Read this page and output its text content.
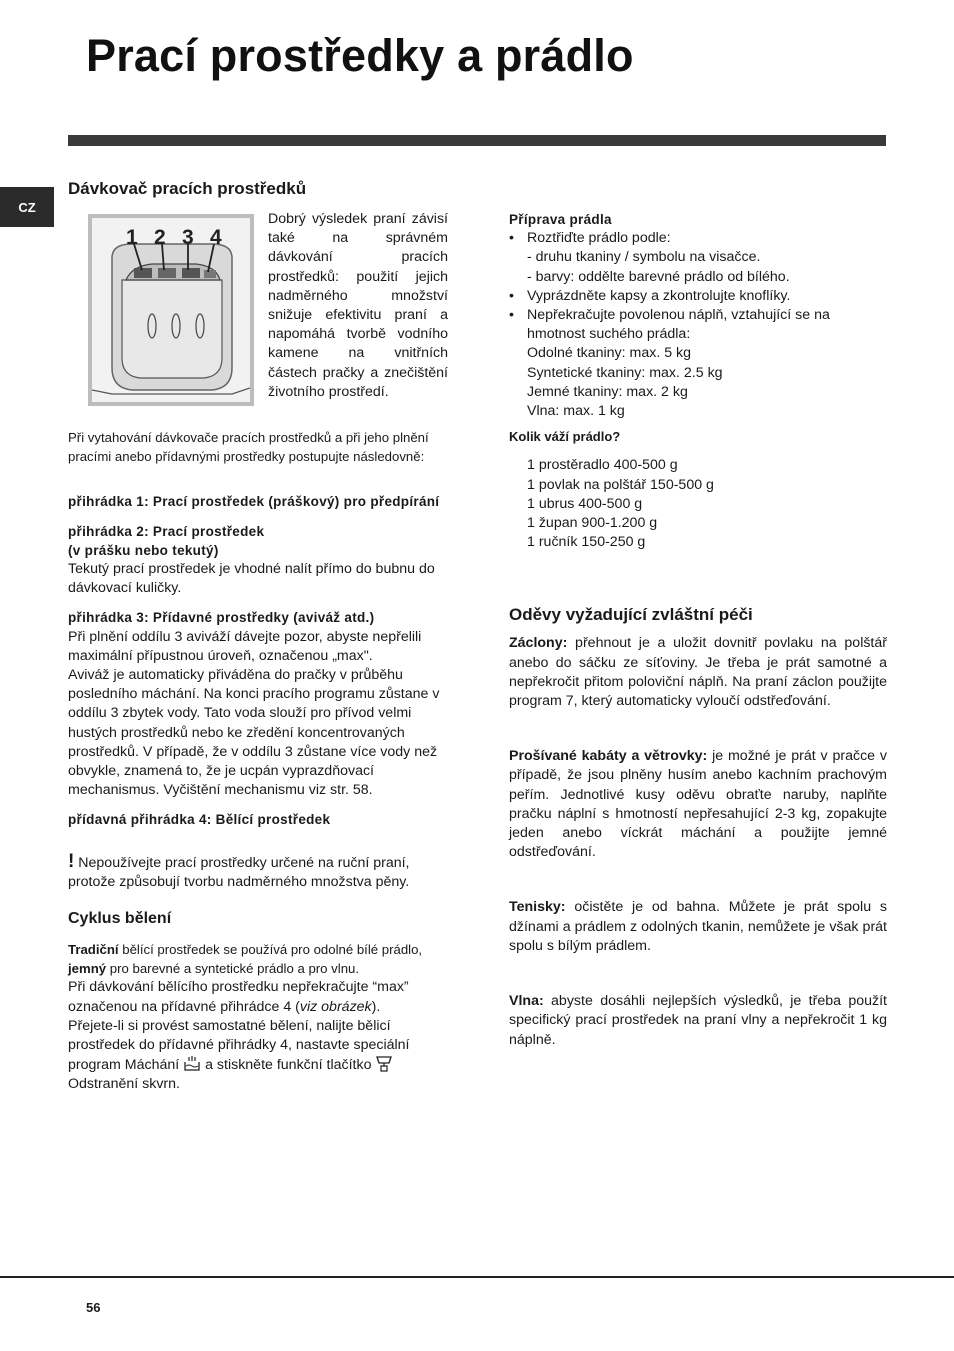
Prací prostředky a prádlo
CZ
Dávkovač pracích prostředků
1 2 3 4

Dobrý výsledek praní závisí také na správném dávkování pracích prostředků: použití jejich nadměrného množství snižuje efektivitu praní a napomáhá tvorbě vodního kamene na vnitřních částech pračky a znečištění životního prostředí.

Při vytahování dávkovače pracích prostředků a při jeho plnění pracími anebo přídavnými prostředky postupujte následovně:

přihrádka 1: Prací prostředek (práškový) pro předpírání

přihrádka 2: Prací prostředek

(v prášku nebo tekutý)

Tekutý prací prostředek je vhodné nalít přímo do bubnu do dávkovací kuličky.

přihrádka 3: Přídavné prostředky (aviváž atd.)

Při plnění oddílu 3 aviváží dávejte pozor, abyste nepřelili maximální přípustnou úroveň, označenou „max".

Aviváž je automaticky přiváděna do pračky v průběhu posledního máchání. Na konci pracího programu zůstane v oddílu 3 zbytek vody. Tato voda slouží pro přívod velmi hustých prostředků nebo ke zředění koncentrovaných prostředků. V případě, že v oddílu 3 zůstane více vody než obvykle, znamená to, že je ucpán vyprazdňovací mechanismus. Vyčištění mechanismu viz str. 58.

přídavná přihrádka 4: Bělící prostředek

! Nepoužívejte prací prostředky určené na ruční praní, protože způsobují tvorbu nadměrného množstva pěny.

Cyklus bělení

Tradiční bělící prostředek se používá pro odolné bílé prádlo, jemný pro barevné a syntetické prádlo a pro vlnu.

Při dávkování bělícího prostředku nepřekračujte “max” označenou na přídavné přihrádce 4 (viz obrázek).

Přejete-li si provést samostatné bělení, nalijte bělicí prostředek do přídavné přihrádky 4, nastavte speciální program Máchání  a stiskněte funkční tlačítko Odstranění skvrn.

Příprava prádla

• Roztřiďte prádlo podle:
- druhu tkaniny / symbolu na visačce.
- barvy: oddělte barevné prádlo od bílého.
• Vyprázdněte kapsy a zkontrolujte knoflíky.
• Nepřekračujte povolenou náplň, vztahující se na hmotnost suchého prádla:
Odolné tkaniny: max. 5 kg
Syntetické tkaniny: max. 2.5 kg
Jemné tkaniny: max. 2 kg
Vlna: max. 1 kg

Kolik váží prádlo?

1 prostěradlo 400-500 g
1 povlak na polštář 150-500 g
1 ubrus 400-500 g
1 župan 900-1.200 g
1 ručník 150-250 g
Oděvy vyžadující zvláštní péči

Záclony: přehnout je a uložit dovnitř povlaku na polštář anebo do sáčku ze síťoviny. Je třeba je prát samotné a nepřekročit přitom poloviční náplň. Na praní záclon použijte program 7, který automaticky vyloučí odstřeďování.

Prošívané kabáty a větrovky: je možné je prát v pračce v případě, že jsou plněny husím anebo kachním prachovým peřím. Jednotlivé kusy oděvu obraťte naruby, naplňte pračku náplní s hmotností nepřesahující 2-3 kg, zopakujte jeden anebo víckrát máchání a použijte jemné odstřeďování.

Tenisky: očistěte je od bahna. Můžete je prát spolu s džínami a prádlem z odolných tkanin, nemůžete je však prát spolu s bílým prádlem.

Vlna: abyste dosáhli nejlepších výsledků, je třeba použít specifický prací prostředek na praní vlny a nepřekročit 1 kg náplně.

56
